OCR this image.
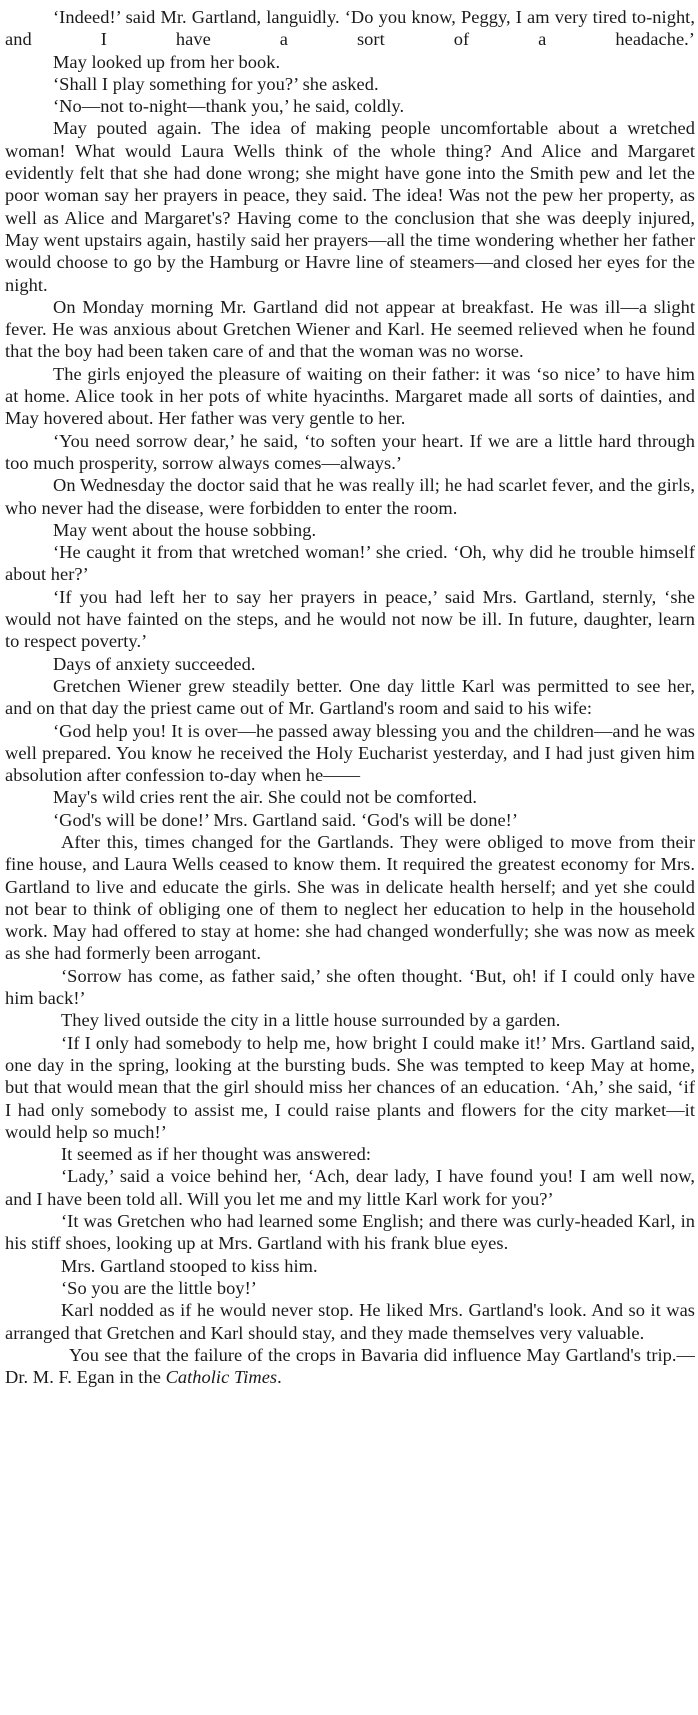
‘Indeed!’ said Mr. Gartland, languidly. ‘Do you know, Peggy, I am very tired to-night, and I have a sort of a headache.’

May looked up from her book.

‘Shall I play something for you?’ she asked.

‘No—not to-night—thank you,’ he said, coldly.

May pouted again. The idea of making people uncomfortable about a wretched woman! What would Laura Wells think of the whole thing? And Alice and Margaret evidently felt that she had done wrong; she might have gone into the Smith pew and let the poor woman say her prayers in peace, they said. The idea! Was not the pew her property, as well as Alice and Margaret's? Having come to the conclusion that she was deeply injured, May went upstairs again, hastily said her prayers—all the time wondering whether her father would choose to go by the Hamburg or Havre line of steamers—and closed her eyes for the night.

On Monday morning Mr. Gartland did not appear at breakfast. He was ill—a slight fever. He was anxious about Gretchen Wiener and Karl. He seemed relieved when he found that the boy had been taken care of and that the woman was no worse.

The girls enjoyed the pleasure of waiting on their father: it was ‘so nice’ to have him at home. Alice took in her pots of white hyacinths. Margaret made all sorts of dainties, and May hovered about. Her father was very gentle to her.

‘You need sorrow dear,’ he said, ‘to soften your heart. If we are a little hard through too much prosperity, sorrow always comes—always.’

On Wednesday the doctor said that he was really ill; he had scarlet fever, and the girls, who never had the disease, were forbidden to enter the room.

May went about the house sobbing.

‘He caught it from that wretched woman!’ she cried. ‘Oh, why did he trouble himself about her?’

‘If you had left her to say her prayers in peace,’ said Mrs. Gartland, sternly, ‘she would not have fainted on the steps, and he would not now be ill. In future, daughter, learn to respect poverty.’

Days of anxiety succeeded.

Gretchen Wiener grew steadily better. One day little Karl was permitted to see her, and on that day the priest came out of Mr. Gartland's room and said to his wife:

‘God help you! It is over—he passed away blessing you and the children—and he was well prepared. You know he received the Holy Eucharist yesterday, and I had just given him absolution after confession to-day when he——

May's wild cries rent the air. She could not be comforted.

‘God's will be done!’ Mrs. Gartland said. ‘God's will be done!’

After this, times changed for the Gartlands. They were obliged to move from their fine house, and Laura Wells ceased to know them. It required the greatest economy for Mrs. Gartland to live and educate the girls. She was in delicate health herself; and yet she could not bear to think of obliging one of them to neglect her education to help in the household work. May had offered to stay at home: she had changed wonderfully; she was now as meek as she had formerly been arrogant.

‘Sorrow has come, as father said,’ she often thought. ‘But, oh! if I could only have him back!’

They lived outside the city in a little house surrounded by a garden.

‘If I only had somebody to help me, how bright I could make it!’ Mrs. Gartland said, one day in the spring, looking at the bursting buds. She was tempted to keep May at home, but that would mean that the girl should miss her chances of an education. ‘Ah,’ she said, ‘if I had only somebody to assist me, I could raise plants and flowers for the city market—it would help so much!’

It seemed as if her thought was answered:

‘Lady,’ said a voice behind her, ‘Ach, dear lady, I have found you! I am well now, and I have been told all. Will you let me and my little Karl work for you?’

‘It was Gretchen who had learned some English; and there was curly-headed Karl, in his stiff shoes, looking up at Mrs. Gartland with his frank blue eyes.

Mrs. Gartland stooped to kiss him.

‘So you are the little boy!’

Karl nodded as if he would never stop. He liked Mrs. Gartland's look. And so it was arranged that Gretchen and Karl should stay, and they made themselves very valuable.

You see that the failure of the crops in Bavaria did influence May Gartland's trip.—Dr. M. F. Egan in the Catholic Times.
